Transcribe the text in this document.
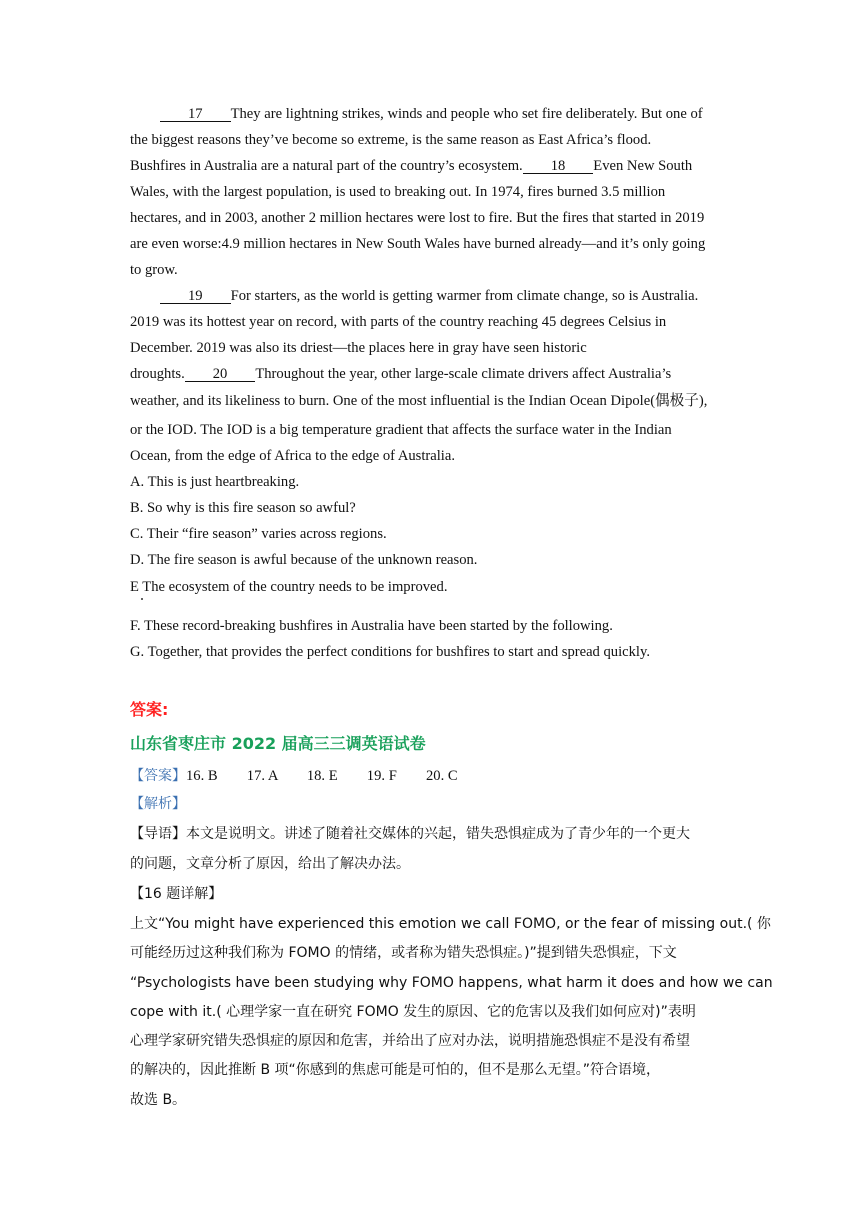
17 They are lightning strikes, winds and people who set fire deliberately. But one of
the biggest reasons they’ve become so extreme, is the same reason as East Africa’s flood.
Bushfires in Australia are a natural part of the country’s ecosystem. 18 Even New South
Wales, with the largest population, is used to breaking out. In 1974, fires burned 3.5 million
hectares, and in 2003, another 2 million hectares were lost to fire. But the fires that started in 2019
are even worse:4.9 million hectares in New South Wales have burned already—and it’s only going
to grow.
19 For starters, as the world is getting warmer from climate change, so is Australia.
2019 was its hottest year on record, with parts of the country reaching 45 degrees Celsius in
December. 2019 was also its driest—the places here in gray have seen historic
droughts. 20 Throughout the year, other large-scale climate drivers affect Australia’s
weather, and its likeliness to burn. One of the most influential is the Indian Ocean Dipole(偶极子),
or the IOD. The IOD is a big temperature gradient that affects the surface water in the Indian
Ocean, from the edge of Africa to the edge of Australia.
A. This is just heartbreaking.
B. So why is this fire season so awful?
C. Their “fire season” varies across regions.
D. The fire season is awful because of the unknown reason.
E The ecosystem of the country needs to be improved.
F. These record-breaking bushfires in Australia have been started by the following.
G. Together, that provides the perfect conditions for bushfires to start and spread quickly.
答案:
山东省枣庄市 2022 届高三三调英语试卷
【答案】16. B        17. A        18. E        19. F        20. C
【解析】
【导语】本文是说明文。讲述了随着社交媒体的兴起，错失恐惧症成为了青少年的一个更大
的问题，文章分析了原因，给出了解决办法。
【16 题详解】
上文“You might have experienced this emotion we call FOMO, or the fear of missing out.( 你
可能经历过这种我们称为 FOMO 的情绪，或者称为错失恐惧症。)”提到错失恐惧症，下文
“Psychologists have been studying why FOMO happens, what harm it does and how we can
cope with it.( 心理学家一直在研究 FOMO 发生的原因、它的危害以及我们如何应对)”表明
心理学家研究错失恐惧症的原因和危害，并给出了应对办法，说明措施恐惧症不是没有希望
的解决的，因此推断 B 项“你感到的焦虑可能是可怕的，但不是那么无望。”符合语境，
故选 B。
